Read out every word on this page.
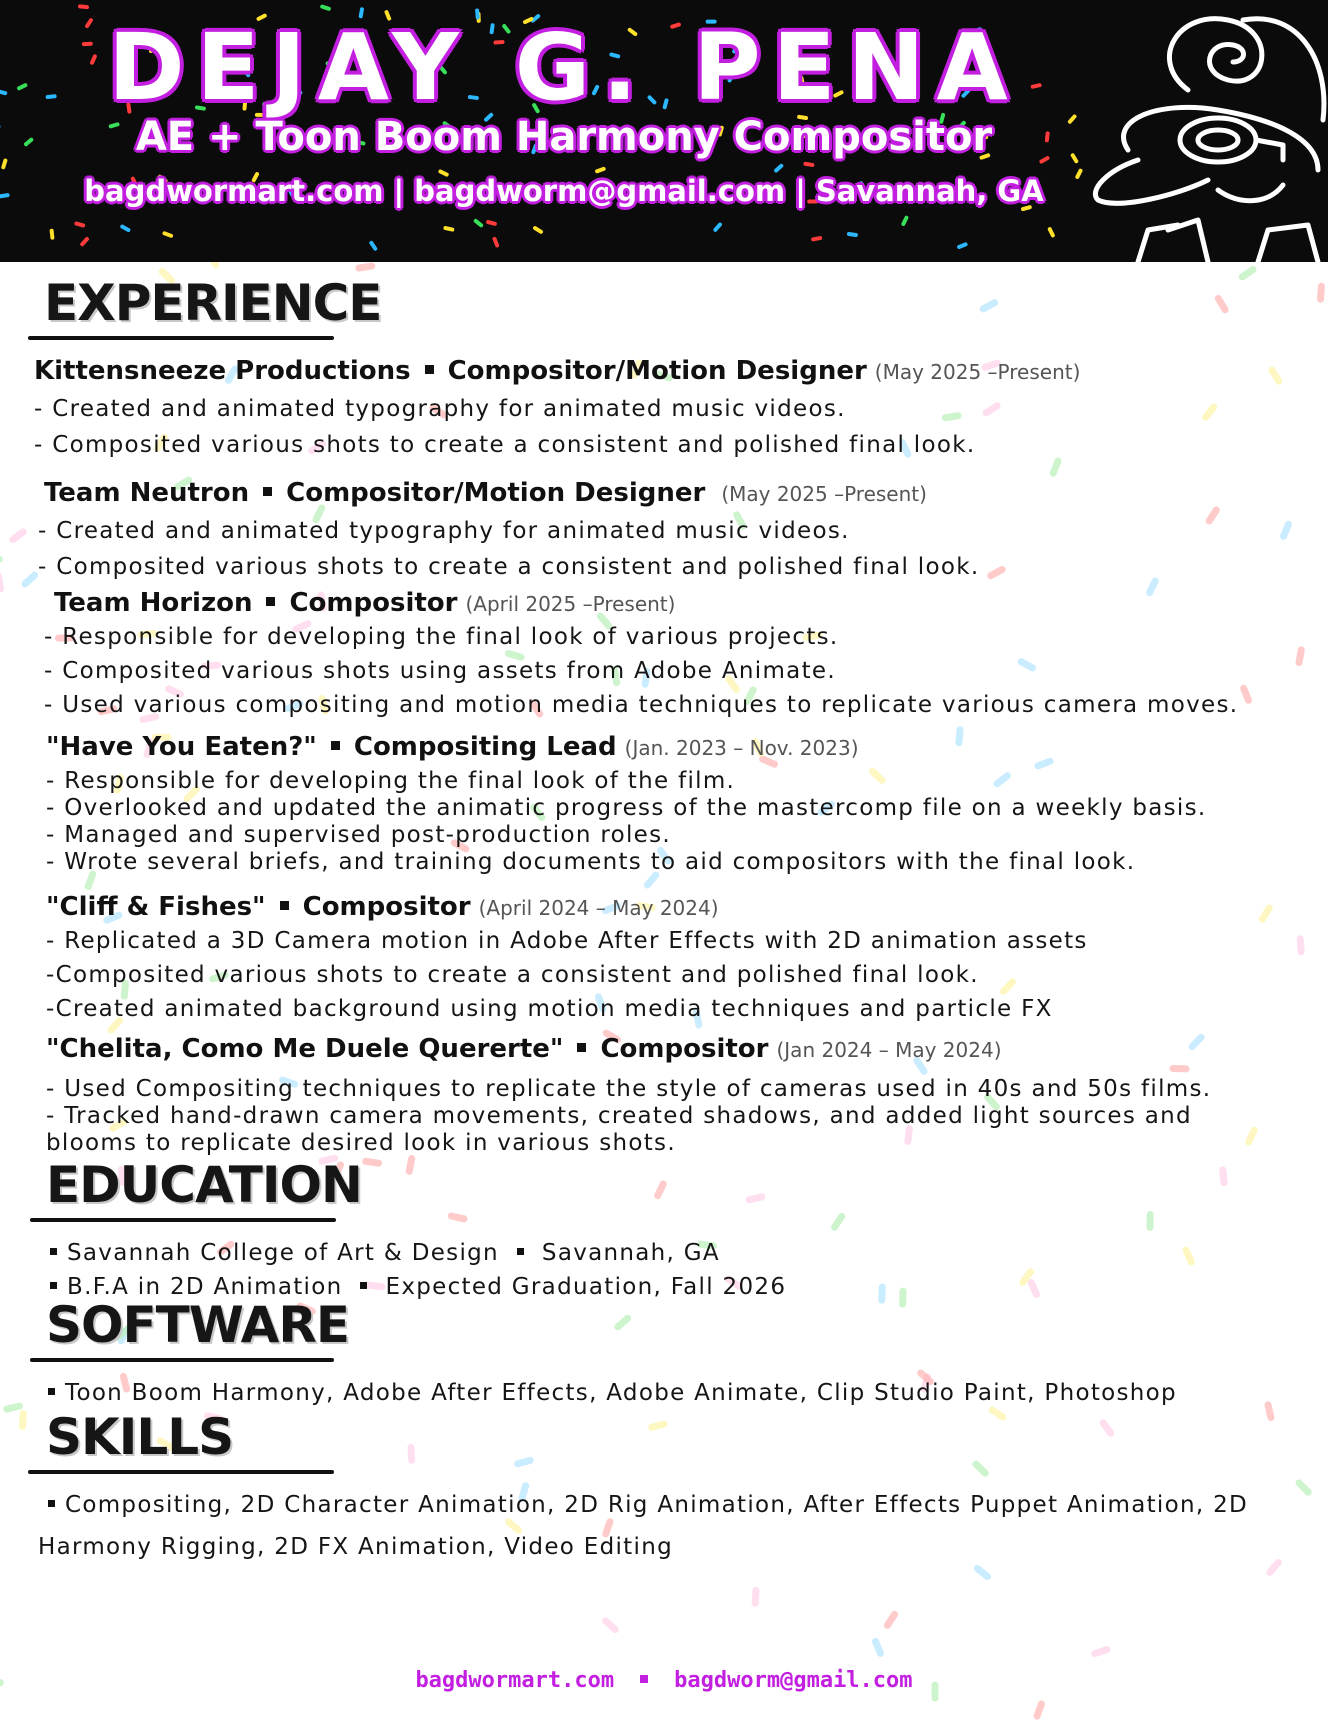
DEJAY G. PENA
AE + Toon Boom Harmony Compositor
bagdwormart.com | bagdworm@gmail.com | Savannah, GA
EXPERIENCE
Kittensneeze Productions Compositor/Motion Designer (May 2025 –Present)
- Created and animated typography for animated music videos.
- Composited various shots to create a consistent and polished final look.
Team Neutron Compositor/Motion Designer (May 2025 –Present)
- Created and animated typography for animated music videos.
- Composited various shots to create a consistent and polished final look.
Team Horizon Compositor (April 2025 –Present)
- Responsible for developing the final look of various projects.
- Composited various shots using assets from Adobe Animate.
- Used various compositing and motion media techniques to replicate various camera moves.
"Have You Eaten?" Compositing Lead (Jan. 2023 – Nov. 2023)
- Responsible for developing the final look of the film.
- Overlooked and updated the animatic progress of the mastercomp file on a weekly basis.
- Managed and supervised post-production roles.
- Wrote several briefs, and training documents to aid compositors with the final look.
"Cliff & Fishes" Compositor (April 2024 – May 2024)
- Replicated a 3D Camera motion in Adobe After Effects with 2D animation assets
-Composited various shots to create a consistent and polished final look.
-Created animated background using motion media techniques and particle FX
"Chelita, Como Me Duele Quererte" Compositor (Jan 2024 – May 2024)
- Used Compositing techniques to replicate the style of cameras used in 40s and 50s films.
- Tracked hand-drawn camera movements, created shadows, and added light sources and
blooms to replicate desired look in various shots.
EDUCATION
Savannah College of Art & Design Savannah, GA
B.F.A in 2D Animation Expected Graduation, Fall 2026
SOFTWARE
Toon Boom Harmony, Adobe After Effects, Adobe Animate, Clip Studio Paint, Photoshop
SKILLS
Compositing, 2D Character Animation, 2D Rig Animation, After Effects Puppet Animation, 2D
Harmony Rigging, 2D FX Animation, Video Editing
bagdwormart.com	bagdworm@gmail.com
